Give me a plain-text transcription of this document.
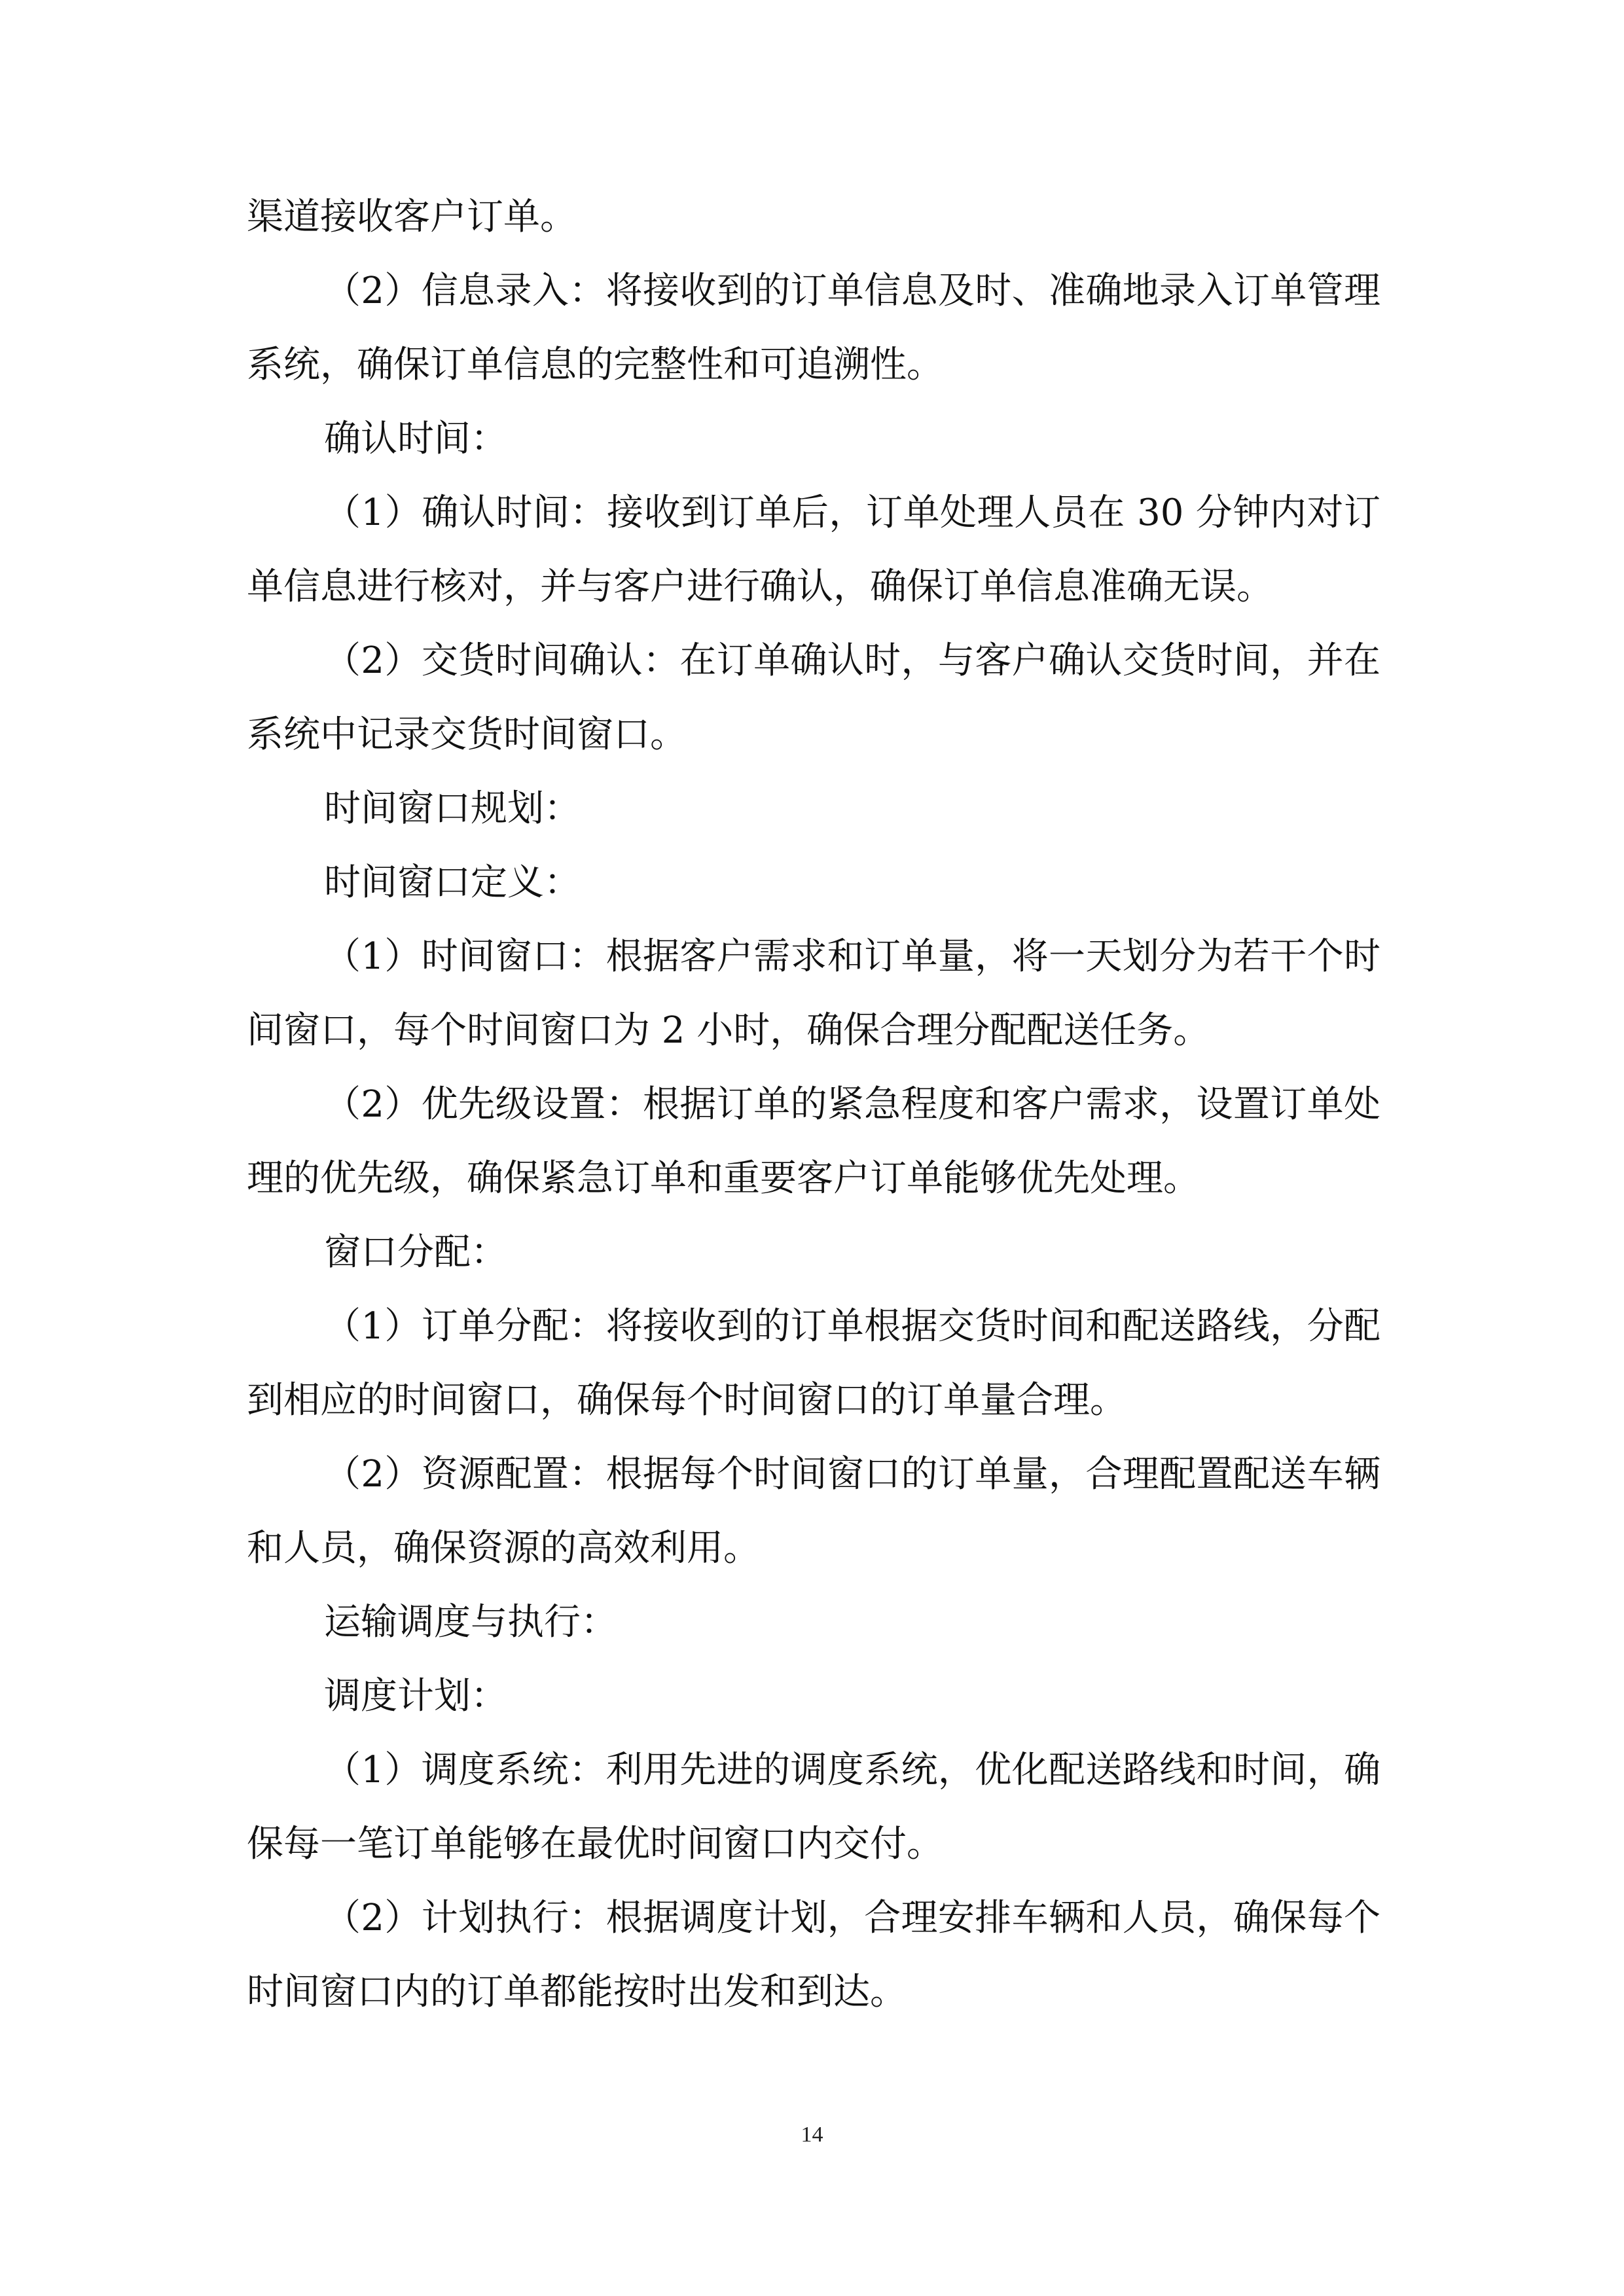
渠道接收客户订单。

（2）信息录入：将接收到的订单信息及时、准确地录入订单管理系统，确保订单信息的完整性和可追溯性。

确认时间：

（1）确认时间：接收到订单后，订单处理人员在 30 分钟内对订单信息进行核对，并与客户进行确认，确保订单信息准确无误。

（2）交货时间确认：在订单确认时，与客户确认交货时间，并在系统中记录交货时间窗口。

时间窗口规划：

时间窗口定义：

（1）时间窗口：根据客户需求和订单量，将一天划分为若干个时间窗口，每个时间窗口为 2 小时，确保合理分配配送任务。

（2）优先级设置：根据订单的紧急程度和客户需求，设置订单处理的优先级，确保紧急订单和重要客户订单能够优先处理。

窗口分配：

（1）订单分配：将接收到的订单根据交货时间和配送路线，分配到相应的时间窗口，确保每个时间窗口的订单量合理。

（2）资源配置：根据每个时间窗口的订单量，合理配置配送车辆和人员，确保资源的高效利用。

运输调度与执行：

调度计划：

（1）调度系统：利用先进的调度系统，优化配送路线和时间，确保每一笔订单能够在最优时间窗口内交付。

（2）计划执行：根据调度计划，合理安排车辆和人员，确保每个时间窗口内的订单都能按时出发和到达。

14
